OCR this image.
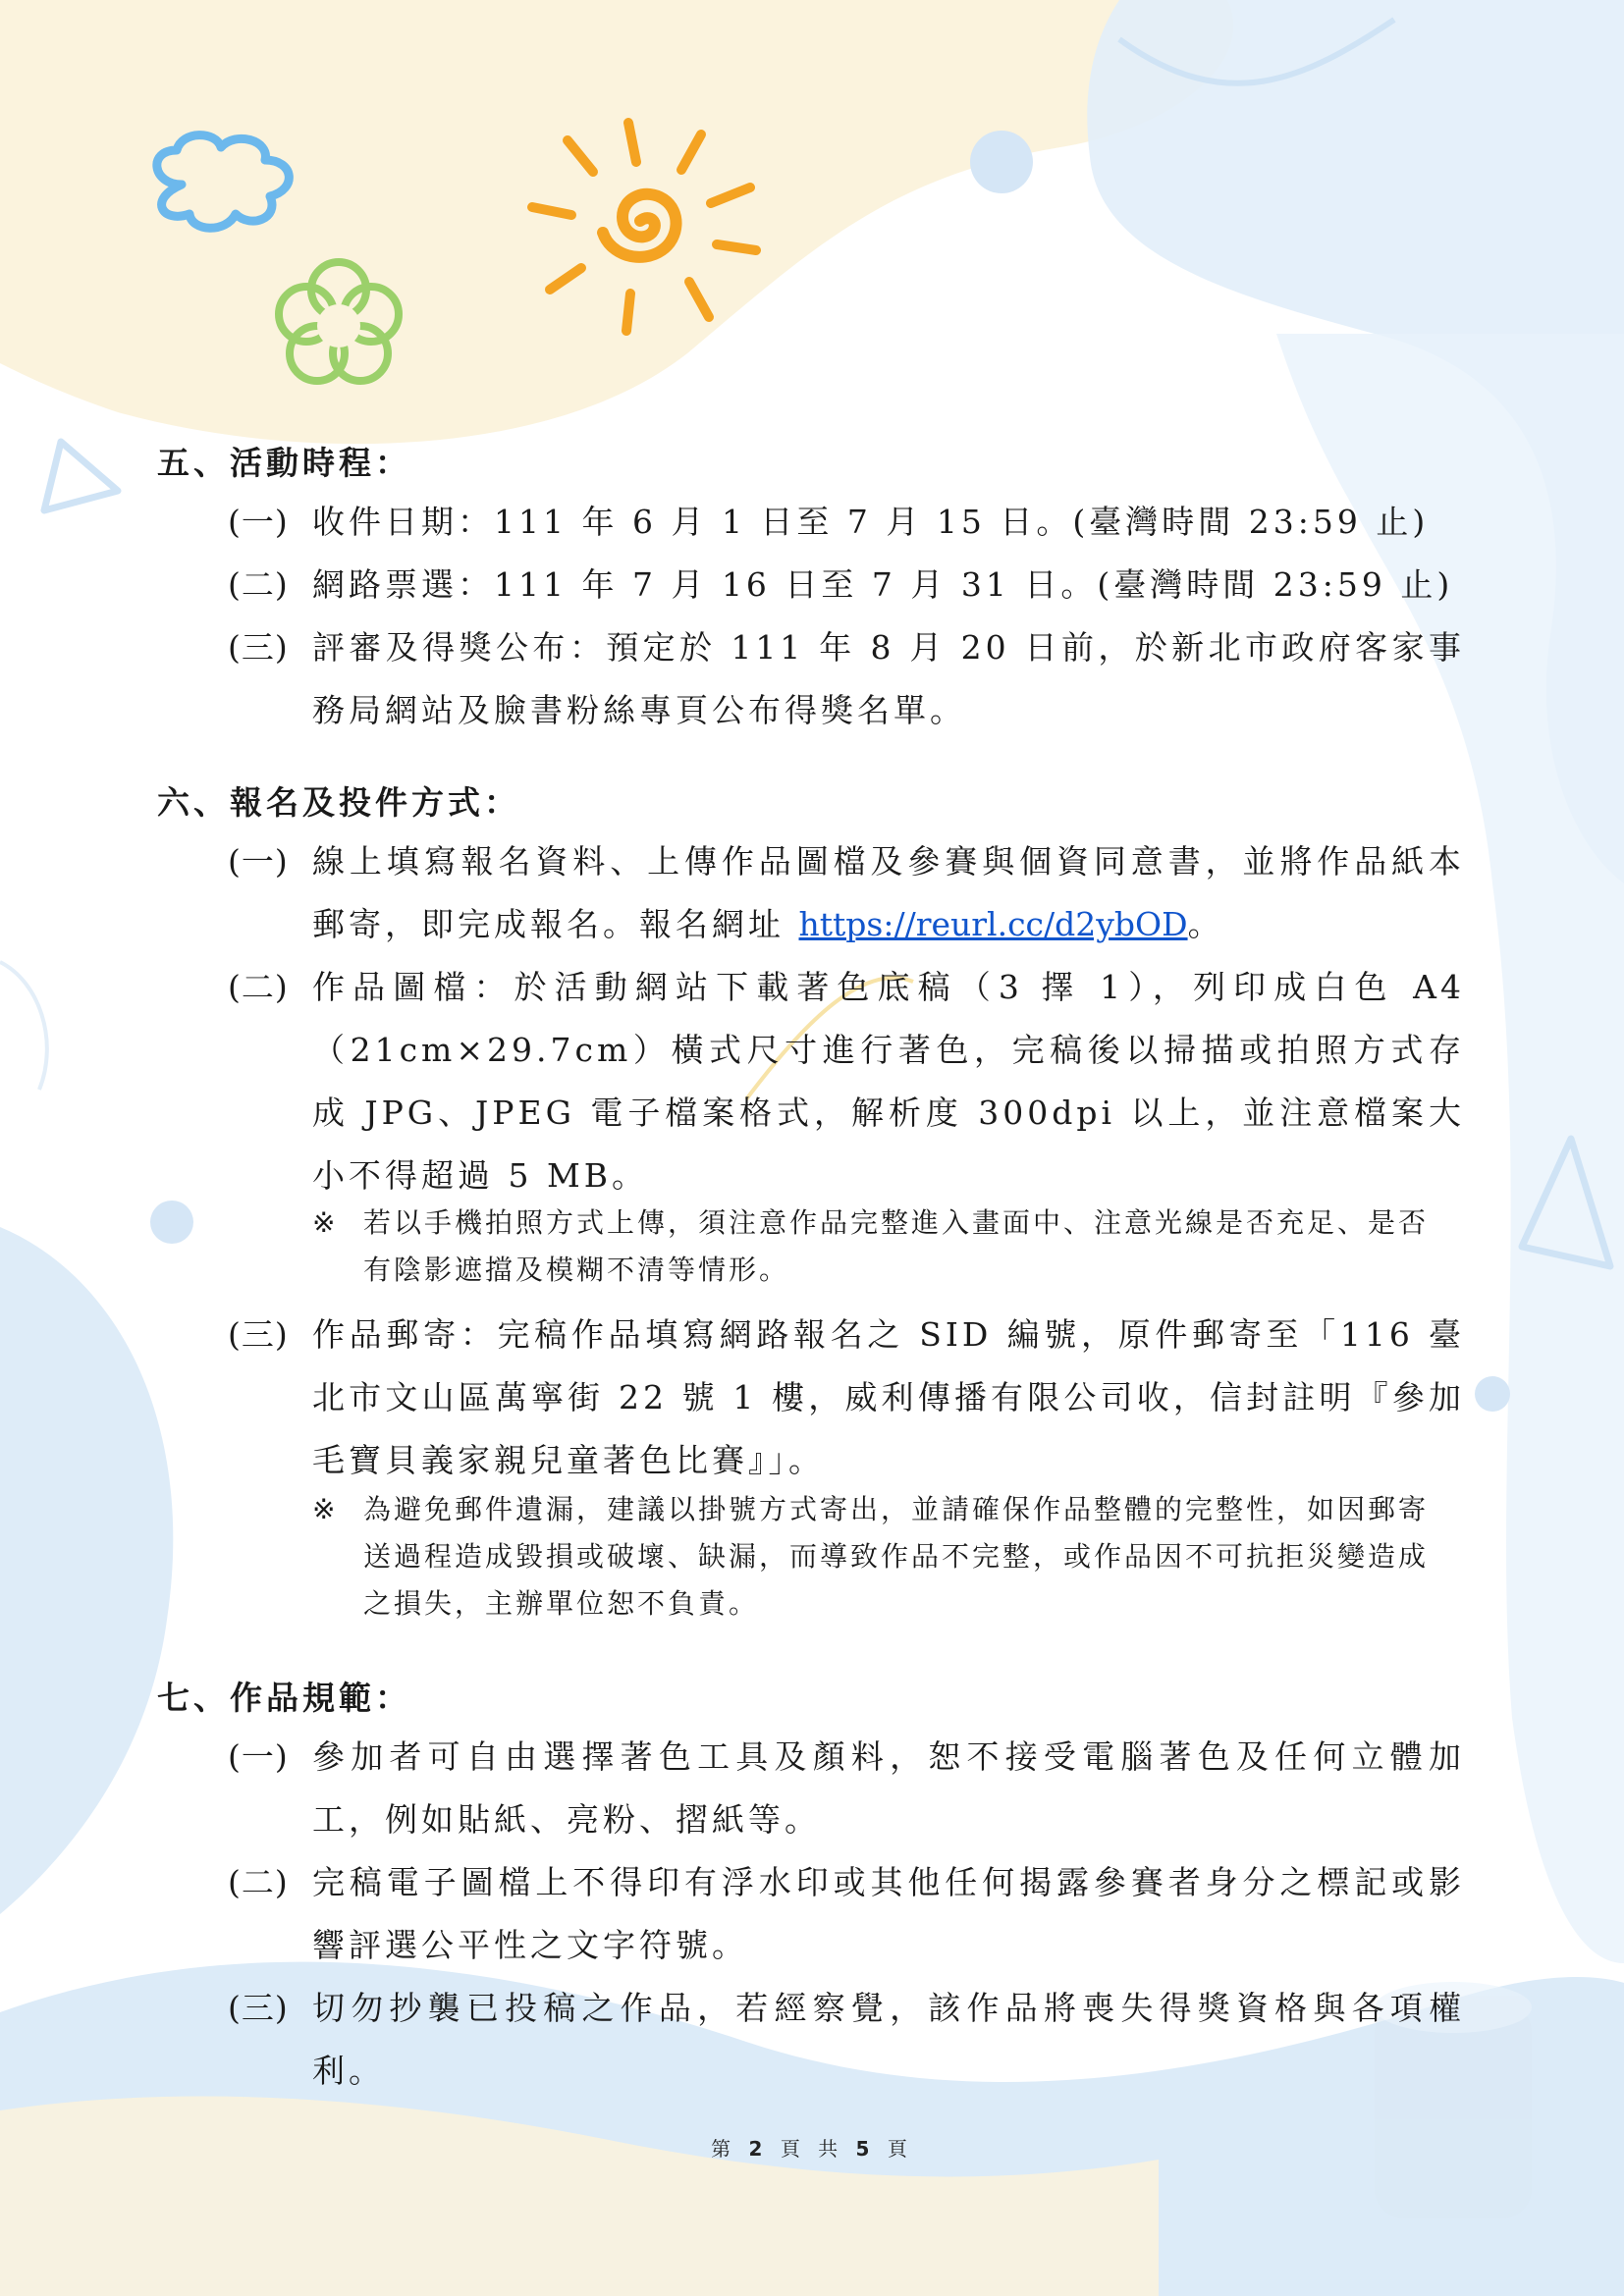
五、活動時程：
(一) 收件日期：111 年 6 月 1 日至 7 月 15 日。(臺灣時間 23:59 止)
(二) 網路票選：111 年 7 月 16 日至 7 月 31 日。(臺灣時間 23:59 止)
(三) 評審及得獎公布：預定於 111 年 8 月 20 日前，於新北市政府客家事務局網站及臉書粉絲專頁公布得獎名單。
六、報名及投件方式：
(一) 線上填寫報名資料、上傳作品圖檔及參賽與個資同意書，並將作品紙本郵寄，即完成報名。報名網址 https://reurl.cc/d2ybOD。
(二) 作品圖檔：於活動網站下載著色底稿（3 擇 1），列印成白色 A4（21cm×29.7cm）橫式尺寸進行著色，完稿後以掃描或拍照方式存成 JPG、JPEG 電子檔案格式，解析度 300dpi 以上，並注意檔案大小不得超過 5 MB。
※ 若以手機拍照方式上傳，須注意作品完整進入畫面中、注意光線是否充足、是否有陰影遮擋及模糊不清等情形。
(三) 作品郵寄：完稿作品填寫網路報名之 SID 編號，原件郵寄至「116 臺北市文山區萬寧街 22 號 1 樓，威利傳播有限公司收，信封註明『參加毛寶貝義家親兒童著色比賽』」。
※ 為避免郵件遺漏，建議以掛號方式寄出，並請確保作品整體的完整性，如因郵寄送過程造成毀損或破壞、缺漏，而導致作品不完整，或作品因不可抗拒災變造成之損失，主辦單位恕不負責。
七、作品規範：
(一) 參加者可自由選擇著色工具及顏料，恕不接受電腦著色及任何立體加工，例如貼紙、亮粉、摺紙等。
(二) 完稿電子圖檔上不得印有浮水印或其他任何揭露參賽者身分之標記或影響評選公平性之文字符號。
(三) 切勿抄襲已投稿之作品，若經察覺，該作品將喪失得獎資格與各項權利。
第 2 頁 共 5 頁
